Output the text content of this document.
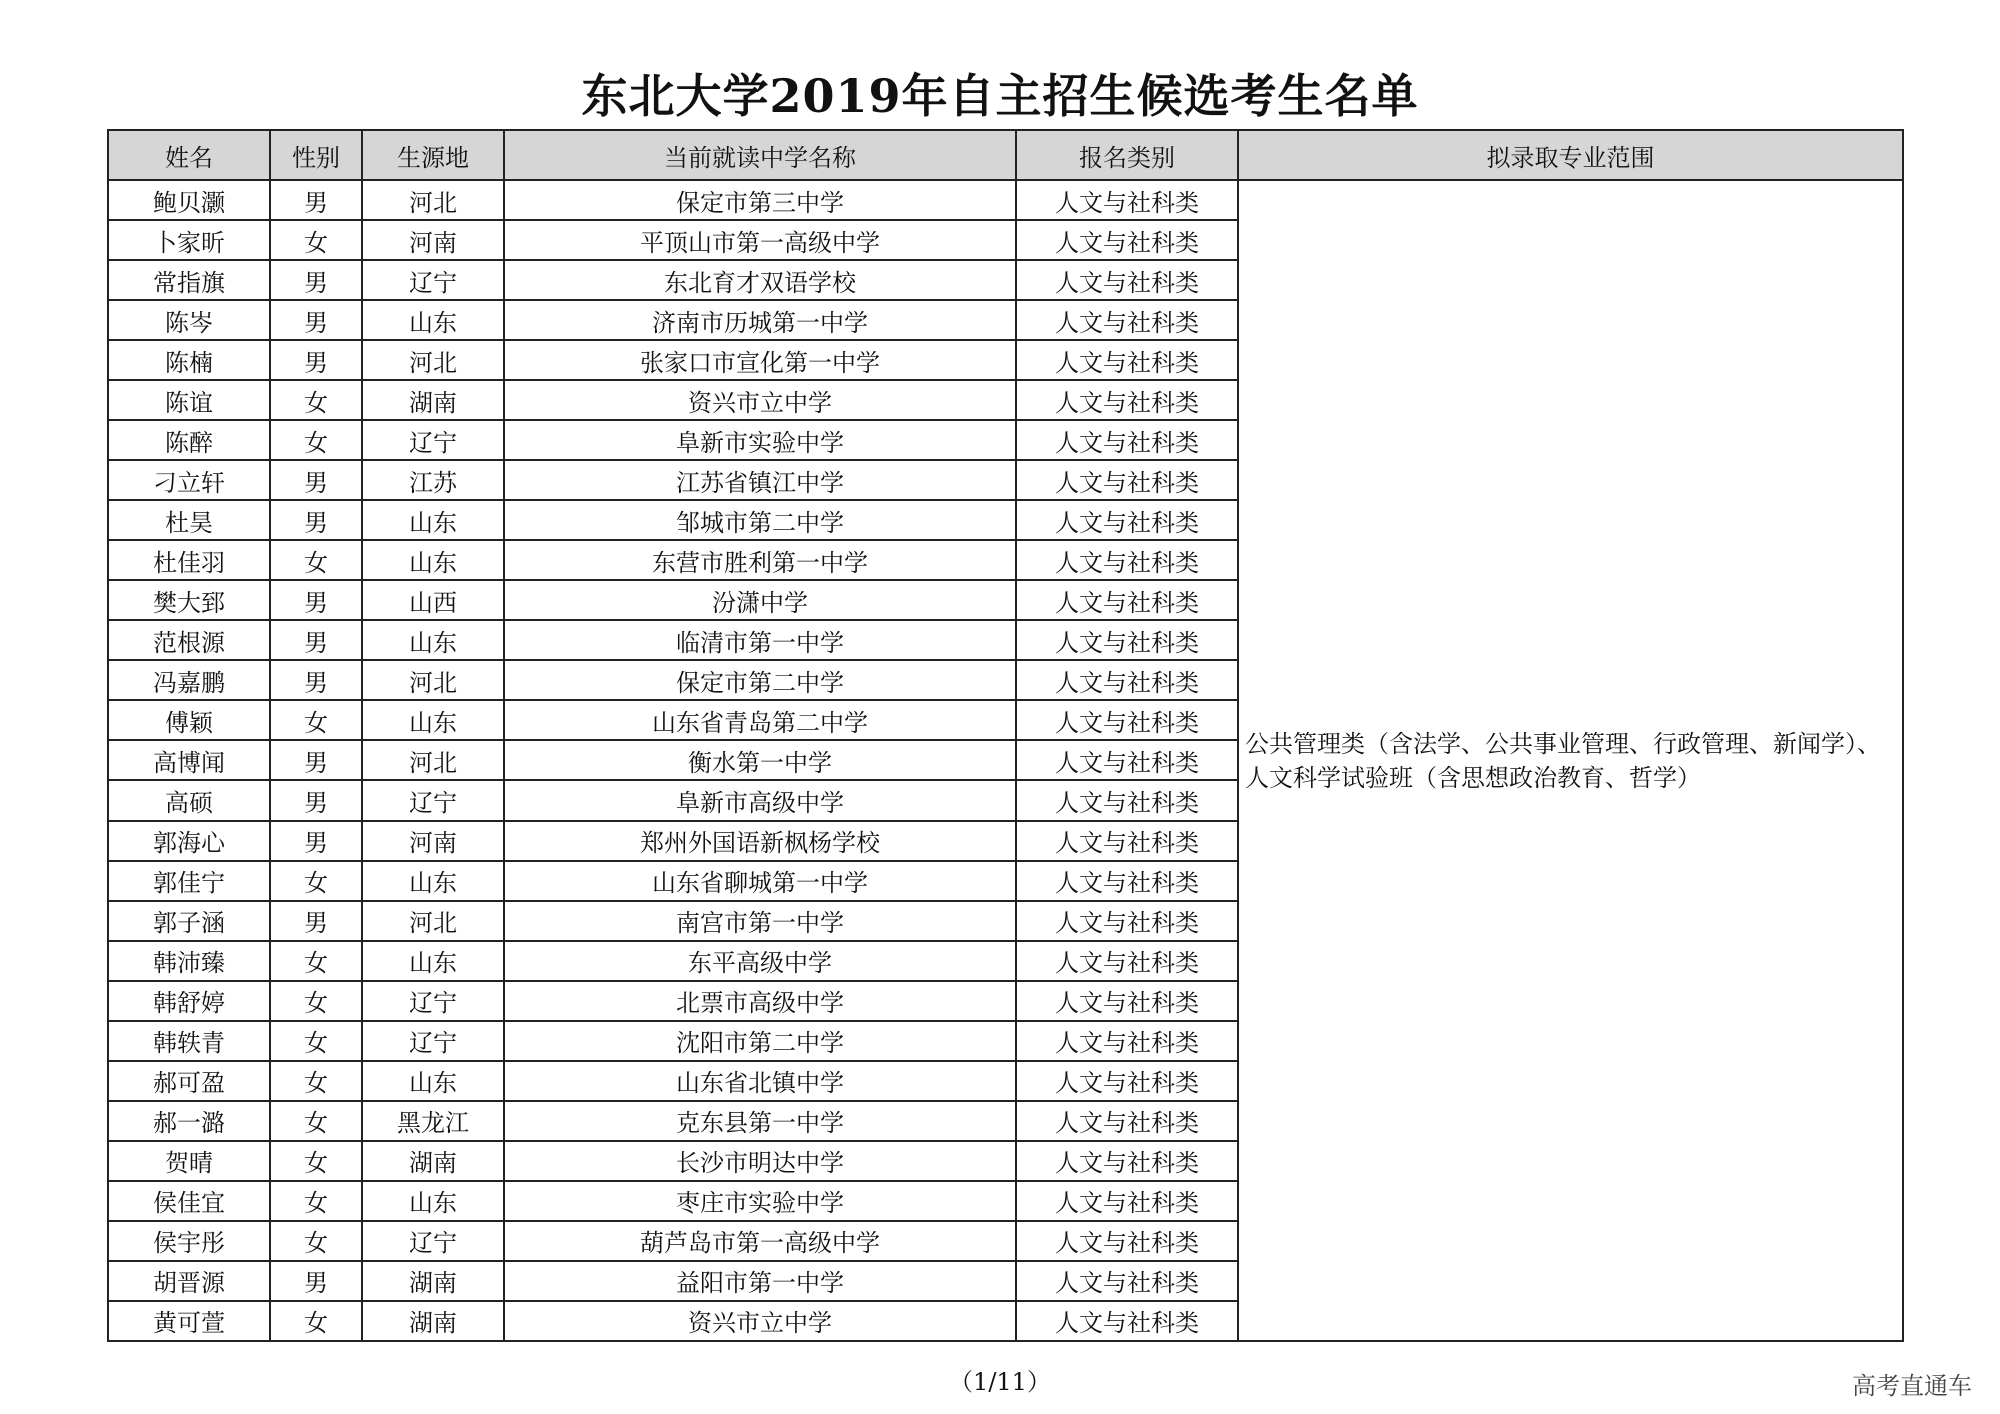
东北大学2019年自主招生候选考生名单
姓名	性别	生源地	当前就读中学名称	报名类别	拟录取专业范围
鲍贝灏	男	河北	保定市第三中学	人文与社科类	公共管理类（含法学、公共事业管理、行政管理、新闻学）、人文科学试验班（含思想政治教育、哲学）
卜家昕	女	河南	平顶山市第一高级中学	人文与社科类	
常指旗	男	辽宁	东北育才双语学校	人文与社科类	
陈岑	男	山东	济南市历城第一中学	人文与社科类	
陈楠	男	河北	张家口市宣化第一中学	人文与社科类	
陈谊	女	湖南	资兴市立中学	人文与社科类	
陈醉	女	辽宁	阜新市实验中学	人文与社科类	
刁立轩	男	江苏	江苏省镇江中学	人文与社科类	
杜昊	男	山东	邹城市第二中学	人文与社科类	
杜佳羽	女	山东	东营市胜利第一中学	人文与社科类	
樊大郅	男	山西	汾潇中学	人文与社科类	
范根源	男	山东	临清市第一中学	人文与社科类	
冯嘉鹏	男	河北	保定市第二中学	人文与社科类	
傅颖	女	山东	山东省青岛第二中学	人文与社科类	
高博闻	男	河北	衡水第一中学	人文与社科类	
高硕	男	辽宁	阜新市高级中学	人文与社科类	
郭海心	男	河南	郑州外国语新枫杨学校	人文与社科类	
郭佳宁	女	山东	山东省聊城第一中学	人文与社科类	
郭子涵	男	河北	南宫市第一中学	人文与社科类	
韩沛臻	女	山东	东平高级中学	人文与社科类	
韩舒婷	女	辽宁	北票市高级中学	人文与社科类	
韩轶青	女	辽宁	沈阳市第二中学	人文与社科类	
郝可盈	女	山东	山东省北镇中学	人文与社科类	
郝一潞	女	黑龙江	克东县第一中学	人文与社科类	
贺晴	女	湖南	长沙市明达中学	人文与社科类	
侯佳宜	女	山东	枣庄市实验中学	人文与社科类	
侯宇彤	女	辽宁	葫芦岛市第一高级中学	人文与社科类	
胡晋源	男	湖南	益阳市第一中学	人文与社科类	
黄可萱	女	湖南	资兴市立中学	人文与社科类	
（1/11）	高考直通车
